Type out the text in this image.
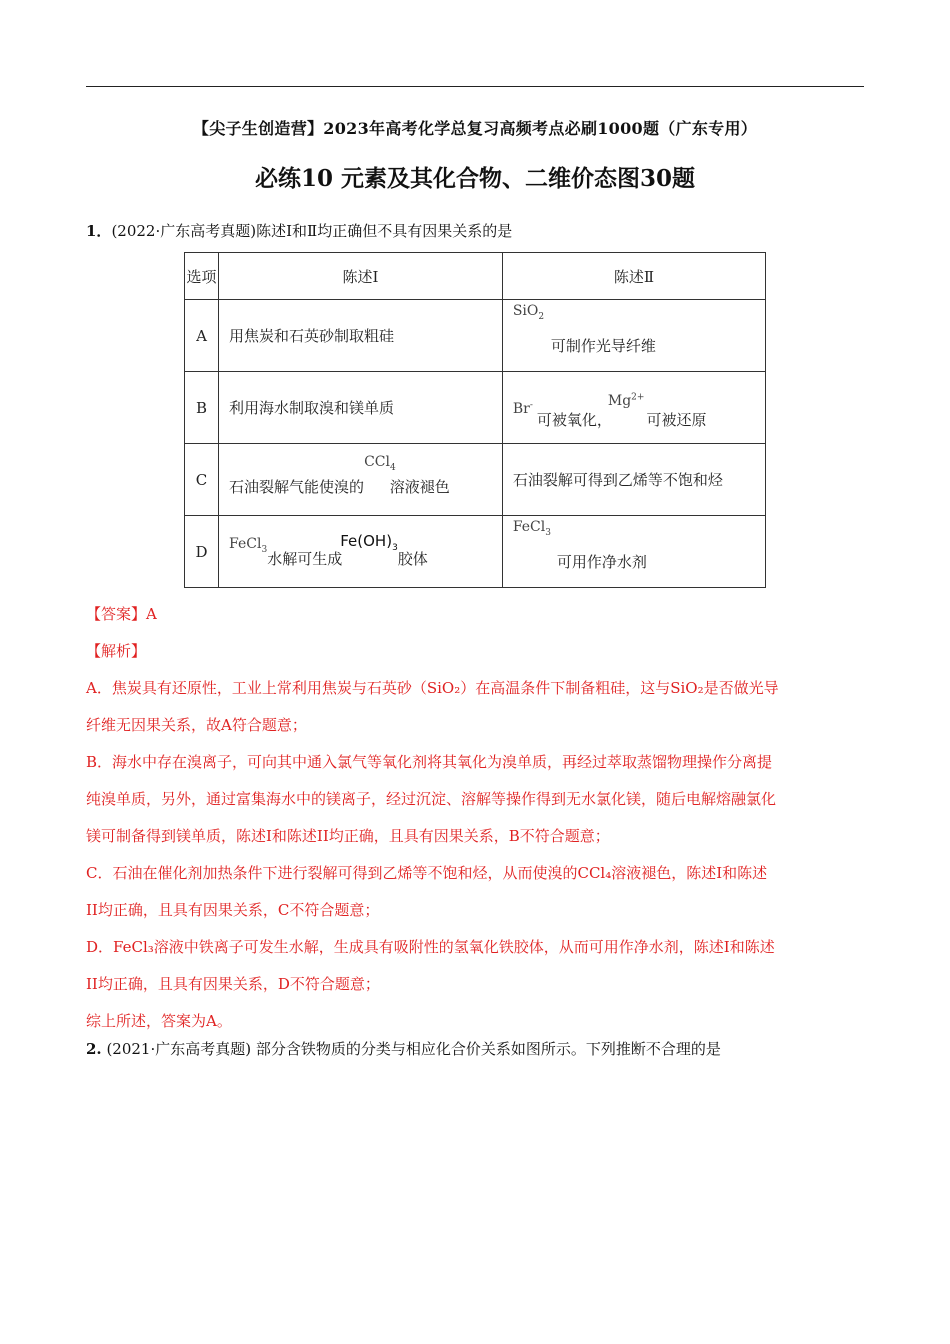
【尖子生创造营】2023年高考化学总复习高频考点必刷1000题（广东专用）
必练10 元素及其化合物、二维价态图30题
1．(2022·广东高考真题)陈述Ⅰ和Ⅱ均正确但不具有因果关系的是
选项	陈述Ⅰ	陈述Ⅱ
A	用焦炭和石英砂制取粗硅	SiO$_2$
可制作光导纤维
B	利用海水制取溴和镁单质	Br-可被氧化，$Mg^{2+}$可被还原
C	石油裂解气能使溴的CCl$_4$溶液褪色	石油裂解可得到乙烯等不饱和烃
D	FeCl$_3$水解可生成$Fe(OH)_3$胶体	FeCl$_3$
可用作净水剂

【答案】A

【解析】

A．焦炭具有还原性，工业上常利用焦炭与石英砂（SiO₂）在高温条件下制备粗硅，这与SiO₂是否做光导

纤维无因果关系，故A符合题意；

B．海水中存在溴离子，可向其中通入氯气等氧化剂将其氧化为溴单质，再经过萃取蒸馏物理操作分离提

纯溴单质，另外，通过富集海水中的镁离子，经过沉淀、溶解等操作得到无水氯化镁，随后电解熔融氯化

镁可制备得到镁单质，陈述I和陈述II均正确，且具有因果关系，B不符合题意；

C．石油在催化剂加热条件下进行裂解可得到乙烯等不饱和烃，从而使溴的CCl₄溶液褪色，陈述I和陈述

II均正确，且具有因果关系，C不符合题意；

D．FeCl₃溶液中铁离子可发生水解，生成具有吸附性的氢氧化铁胶体，从而可用作净水剂，陈述I和陈述

II均正确，且具有因果关系，D不符合题意；

综上所述，答案为A。

2. (2021·广东高考真题) 部分含铁物质的分类与相应化合价关系如图所示。下列推断不合理的是
